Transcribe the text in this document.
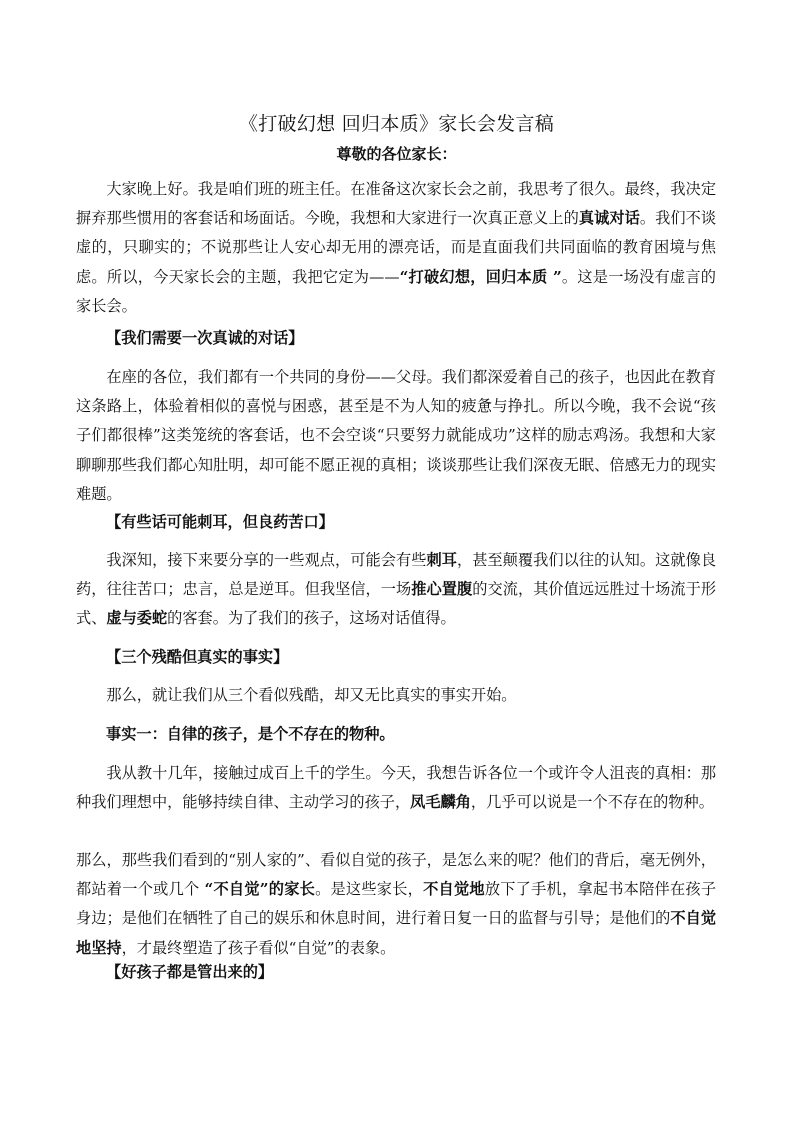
《打破幻想 回归本质》家长会发言稿
尊敬的各位家长：

大家晚上好。我是咱们班的班主任。在准备这次家长会之前，我思考了很久。最终，我决定摒弃那些惯用的客套话和场面话。今晚，我想和大家进行一次真正意义上的真诚对话。我们不谈虚的，只聊实的；不说那些让人安心却无用的漂亮话，而是直面我们共同面临的教育困境与焦虑。所以，今天家长会的主题，我把它定为——“打破幻想，回归本质 ”。这是一场没有虚言的家长会。

【我们需要一次真诚的对话】

在座的各位，我们都有一个共同的身份——父母。我们都深爱着自己的孩子，也因此在教育这条路上，体验着相似的喜悦与困惑，甚至是不为人知的疲惫与挣扎。所以今晚，我不会说“孩子们都很棒”这类笼统的客套话，也不会空谈“只要努力就能成功”这样的励志鸡汤。我想和大家聊聊那些我们都心知肚明，却可能不愿正视的真相；谈谈那些让我们深夜无眠、倍感无力的现实难题。

【有些话可能刺耳，但良药苦口】

我深知，接下来要分享的一些观点，可能会有些刺耳，甚至颠覆我们以往的认知。这就像良药，往往苦口；忠言，总是逆耳。但我坚信，一场推心置腹的交流，其价值远远胜过十场流于形式、虚与委蛇的客套。为了我们的孩子，这场对话值得。

【三个残酷但真实的事实】

那么，就让我们从三个看似残酷，却又无比真实的事实开始。

事实一：自律的孩子，是个不存在的物种。

我从教十几年，接触过成百上千的学生。今天，我想告诉各位一个或许令人沮丧的真相：那种我们理想中，能够持续自律、主动学习的孩子，凤毛麟角，几乎可以说是一个不存在的物种。

那么，那些我们看到的“别人家的”、看似自觉的孩子，是怎么来的呢？他们的背后，毫无例外，都站着一个或几个 “不自觉”的家长。是这些家长，不自觉地放下了手机，拿起书本陪伴在孩子身边；是他们在牺牲了自己的娱乐和休息时间，进行着日复一日的监督与引导；是他们的不自觉地坚持，才最终塑造了孩子看似“自觉”的表象。

【好孩子都是管出来的】
